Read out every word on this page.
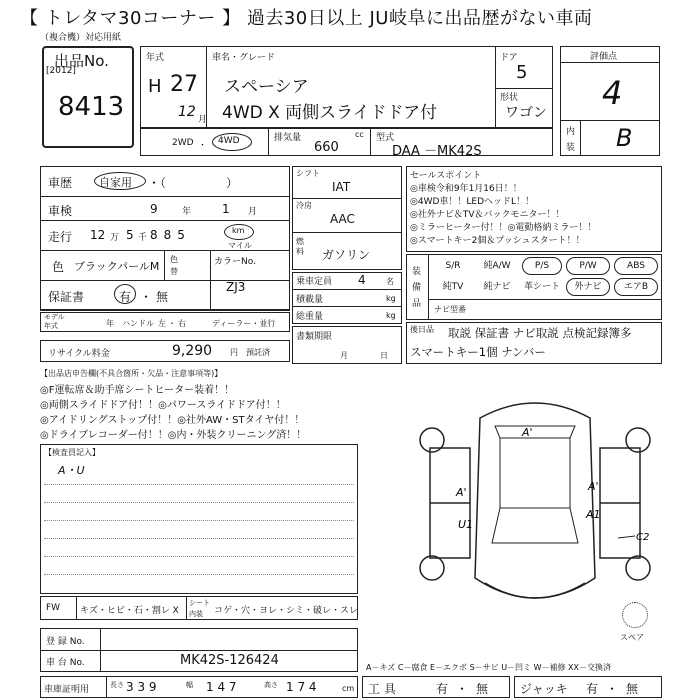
【 トレタマ30コーナー 】 過去30日以上 JU岐阜に出品歴がない車両
（複合機）対応用紙
出品No.
[2012]
8413
年式
H 27
12 月
車名・グレード
スペーシア
4WD X 両側スライドドア付
ドア
5
形状
ワゴン
評価点
4
内
装 B
2WD ・ 4WD	排気量	cc
660
型式
DAA －MK42S
車歴 自家用 ・（　　　　　）
車検	9	年	1 月
走行 12 万 5 千 885	km
マイル
色 ブラックパールM
色
替
カラーNo.
ZJ3
保証書	有 ・ 無
モデル
年式	年 ハンドル 左 ・ 右	ディーラー・並行
リサイクル料金	9,290 円 預託済
シフト
IAT
冷房
AAC
燃
料 ガソリン
乗車定員 4	名
積載量	kg
総重量	kg
書類期限
月	日
セールスポイント
◎車検令和9年1月16日！！
◎4WD車！！LEDヘッドL！！
◎社外ナビ＆TV＆バックモニター！！
◎ミラーヒーター付！！◎電動格納ミラー！！
◎スマートキー2個＆プッシュスタート！！
装
備
品
S/R	純A/W	P/S	P/W	ABS
純TV	純ナビ	革シート	外ナビ	エアB
ナビ型番
後日品 取説 保証書 ナビ取説 点検記録簿多
スマートキー1個 ナンバー
【出品店申告欄(不具合箇所・欠品・注意事項等)】
◎F運転席＆助手席シートヒーター装着！！
◎両側スライドドア付！！◎パワースライドドア付！！
◎アイドリングストップ付！！◎社外AW・STタイヤ付！！
◎ドライブレコーダー付！！◎内・外装クリーニング済！！
【検査員記入】
A・U
A'
A'	A'
U1
A1
C2
スペア
FW キズ・ヒビ・石・割レ X
シート
内装 コゲ・穴・ヨレ・シミ・破レ・スレ
登 録 No.
車 台 No.	MK42S-126424	A－キズ C－腐食 E－エクボ S－サビ U－凹ミ W－補修 XX－交換済
車庫証明用	長さ 3 3 9	幅 1 4 7	高さ 1 7 4	cm 工 具	有 ・ 無	ジャッキ 有 ・ 無
